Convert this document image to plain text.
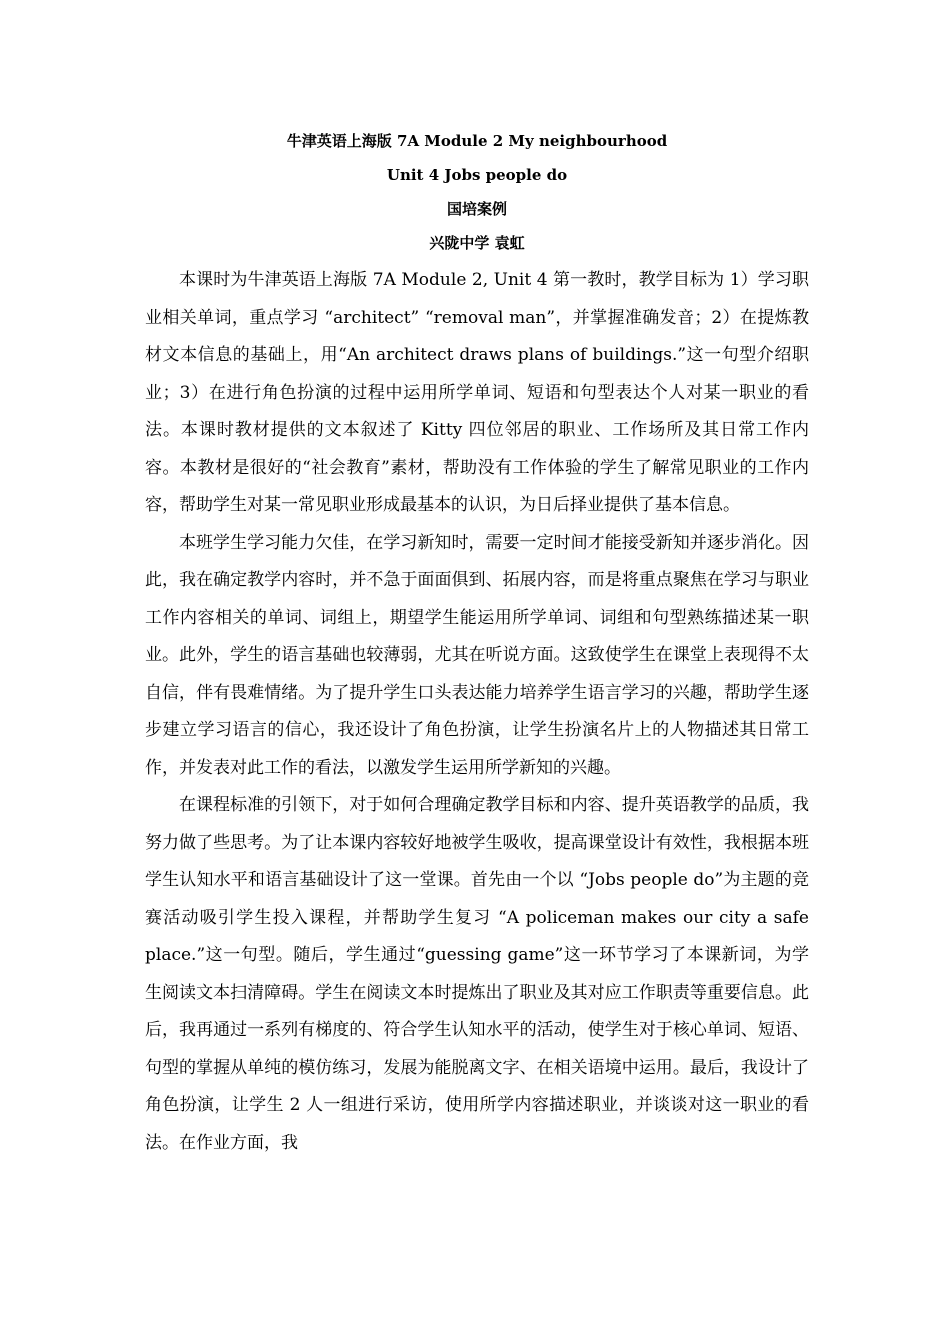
牛津英语上海版 7A Module 2 My neighbourhood

Unit 4 Jobs people do

国培案例

兴陇中学 袁虹

本课时为牛津英语上海版 7A Module 2, Unit 4 第一教时，教学目标为 1）学习职业相关单词，重点学习 “architect” “removal man”，并掌握准确发音；2）在提炼教材文本信息的基础上，用“An architect draws plans of buildings.”这一句型介绍职业；3）在进行角色扮演的过程中运用所学单词、短语和句型表达个人对某一职业的看法。本课时教材提供的文本叙述了 Kitty 四位邻居的职业、工作场所及其日常工作内容。本教材是很好的“社会教育”素材，帮助没有工作体验的学生了解常见职业的工作内容，帮助学生对某一常见职业形成最基本的认识，为日后择业提供了基本信息。

本班学生学习能力欠佳，在学习新知时，需要一定时间才能接受新知并逐步消化。因此，我在确定教学内容时，并不急于面面俱到、拓展内容，而是将重点聚焦在学习与职业工作内容相关的单词、词组上，期望学生能运用所学单词、词组和句型熟练描述某一职业。此外，学生的语言基础也较薄弱，尤其在听说方面。这致使学生在课堂上表现得不太自信，伴有畏难情绪。为了提升学生口头表达能力培养学生语言学习的兴趣，帮助学生逐步建立学习语言的信心，我还设计了角色扮演，让学生扮演名片上的人物描述其日常工作，并发表对此工作的看法，以激发学生运用所学新知的兴趣。

在课程标准的引领下，对于如何合理确定教学目标和内容、提升英语教学的品质，我努力做了些思考。为了让本课内容较好地被学生吸收，提高课堂设计有效性，我根据本班学生认知水平和语言基础设计了这一堂课。首先由一个以 “Jobs people do”为主题的竞赛活动吸引学生投入课程，并帮助学生复习 “A policeman makes our city a safe place.”这一句型。随后，学生通过“guessing game”这一环节学习了本课新词，为学生阅读文本扫清障碍。学生在阅读文本时提炼出了职业及其对应工作职责等重要信息。此后，我再通过一系列有梯度的、符合学生认知水平的活动，使学生对于核心单词、短语、句型的掌握从单纯的模仿练习，发展为能脱离文字、在相关语境中运用。最后，我设计了角色扮演，让学生 2 人一组进行采访，使用所学内容描述职业，并谈谈对这一职业的看法。在作业方面，我
